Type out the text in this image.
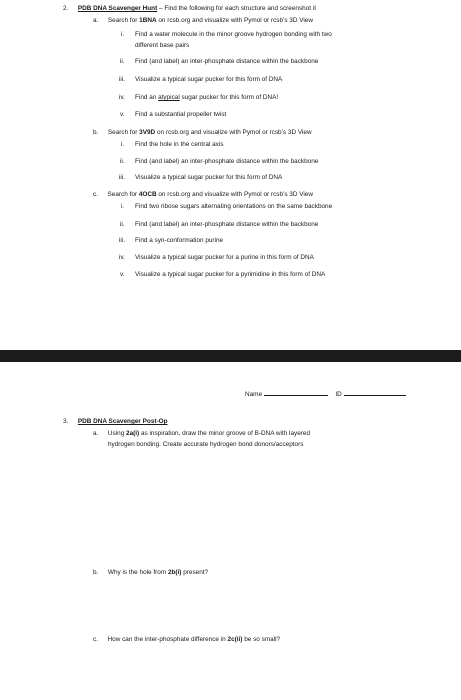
2. PDB DNA Scavenger Hunt – Find the following for each structure and screenshot it
a. Search for 1BNA on rcsb.org and visualize with Pymol or rcsb’s 3D View
i. Find a water molecule in the minor groove hydrogen bonding with two
different base pairs
ii. Find (and label) an inter-phosphate distance within the backbone
iii. Visualize a typical sugar pucker for this form of DNA
iv. Find an atypical sugar pucker for this form of DNA!
v. Find a substantial propeller twist
b. Search for 3V9D on rcsb.org and visualize with Pymol or rcsb’s 3D View
i. Find the hole in the central axis
ii. Find (and label) an inter-phosphate distance within the backbone
iii. Visualize a typical sugar pucker for this form of DNA
c. Search for 4OCB on rcsb.org and visualize with Pymol or rcsb’s 3D View
i. Find two ribose sugars alternating orientations on the same backbone
ii. Find (and label) an inter-phosphate distance within the backbone
iii. Find a syn-conformation purine
iv. Visualize a typical sugar pucker for a purine in this form of DNA
v. Visualize a typical sugar pucker for a pyrimidine in this form of DNA
Name	ID
3. PDB DNA Scavenger Post-Op
a. Using 2a(i) as inspiration, draw the minor groove of B-DNA with layered
hydrogen bonding. Create accurate hydrogen bond donors/acceptors
b. Why is the hole from 2b(i) present?
c. How can the inter-phosphate difference in 2c(ii) be so small?
